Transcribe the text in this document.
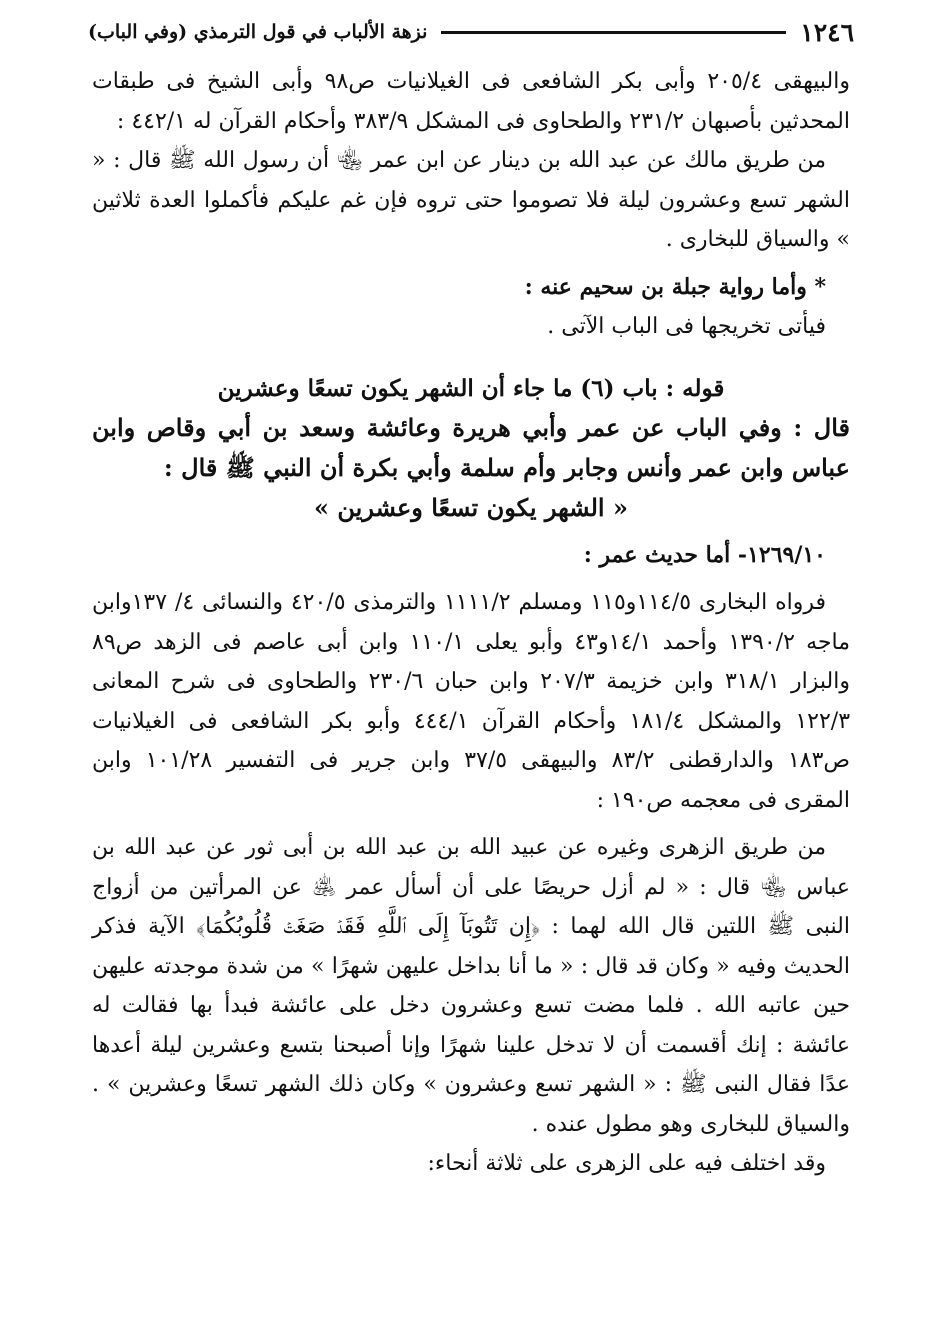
١٢٤٦
نزهة الألباب في قول الترمذي (وفي الباب)

والبيهقى ٢٠٥/٤ وأبى بكر الشافعى فى الغيلانيات ص٩٨ وأبى الشيخ فى طبقات المحدثين بأصبهان ٢٣١/٢ والطحاوى فى المشكل ٣٨٣/٩ وأحكام القرآن له ٤٤٢/١ :

من طريق مالك عن عبد الله بن دينار عن ابن عمر ﵄ أن رسول الله ﷺ قال : « الشهر تسع وعشرون ليلة فلا تصوموا حتى تروه فإن غم عليكم فأكملوا العدة ثلاثين » والسياق للبخارى .

* وأما رواية جبلة بن سحيم عنه :

فيأتى تخريجها فى الباب الآتى .

قوله : باب (٦) ما جاء أن الشهر يكون تسعًا وعشرين

قال : وفي الباب عن عمر وأبي هريرة وعائشة وسعد بن أبي وقاص وابن عباس وابن عمر وأنس وجابر وأم سلمة وأبي بكرة أن النبي ﷺ قال :

« الشهر يكون تسعًا وعشرين »

١٢٦٩/١٠- أما حديث عمر :

فرواه البخارى ١١٤/٥و١١٥ ومسلم ١١١١/٢ والترمذى ٤٢٠/٥ والنسائى ٤/ ١٣٧وابن ماجه ١٣٩٠/٢ وأحمد ١٤/١و٤٣ وأبو يعلى ١١٠/١ وابن أبى عاصم فى الزهد ص٨٩ والبزار ٣١٨/١ وابن خزيمة ٢٠٧/٣ وابن حبان ٢٣٠/٦ والطحاوى فى شرح المعانى ١٢٢/٣ والمشكل ١٨١/٤ وأحكام القرآن ٤٤٤/١ وأبو بكر الشافعى فى الغيلانيات ص١٨٣ والدارقطنى ٨٣/٢ والبيهقى ٣٧/٥ وابن جرير فى التفسير ١٠١/٢٨ وابن المقرى فى معجمه ص١٩٠ :

من طريق الزهرى وغيره عن عبيد الله بن عبد الله بن أبى ثور عن عبد الله بن عباس ﵄ قال : « لم أزل حريصًا على أن أسأل عمر ﵁ عن المرأتين من أزواج النبى ﷺ اللتين قال الله لهما : ﴿إِن تَتُوبَآ إِلَى ٱللَّهِ فَقَدۡ صَغَتۡ قُلُوبُكُمَا﴾ الآية فذكر الحديث وفيه « وكان قد قال : « ما أنا بداخل عليهن شهرًا » من شدة موجدته عليهن حين عاتبه الله . فلما مضت تسع وعشرون دخل على عائشة فبدأ بها فقالت له عائشة : إنك أقسمت أن لا تدخل علينا شهرًا وإنا أصبحنا بتسع وعشرين ليلة أعدها عدًا فقال النبى ﷺ : « الشهر تسع وعشرون » وكان ذلك الشهر تسعًا وعشرين » . والسياق للبخارى وهو مطول عنده .

وقد اختلف فيه على الزهرى على ثلاثة أنحاء:
